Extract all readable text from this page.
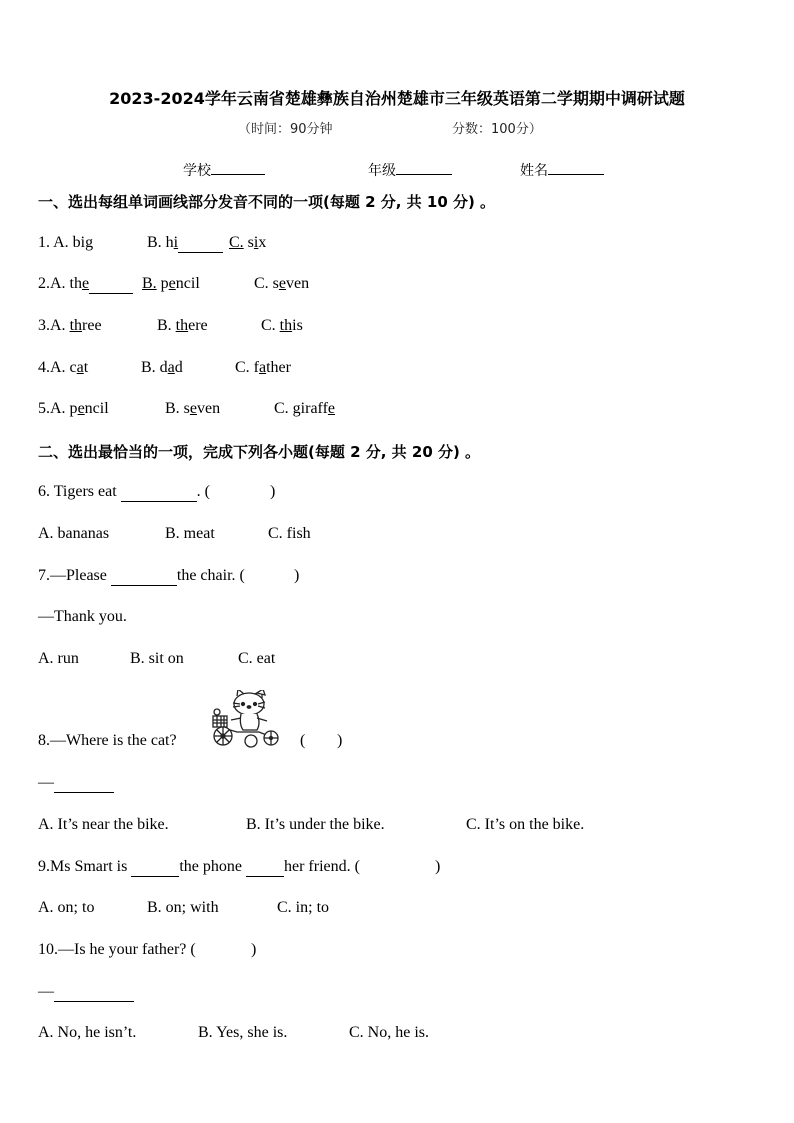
2023-2024学年云南省楚雄彝族自治州楚雄市三年级英语第二学期期中调研试题
（时间：90分钟	分数：100分）
学校	年级	姓名
一、选出每组单词画线部分发音不同的一项(每题 2 分, 共 10 分) 。
1. A. big	B. hi	C. six
2.A. the	B. pencil	C. seven
3.A. three	B. there	C. this
4.A. cat	B. dad	C. father
5.A. pencil	B. seven	C. giraffe
二、选出最恰当的一项，完成下列各小题(每题 2 分, 共 20 分) 。
6. Tigers eat	. (	)
A. bananas	B. meat	C. fish
7.—Please	the chair. (	)
—Thank you.
A. run	B. sit on	C. eat
8.—Where is the cat?	( )
—
A. It’s near the bike.	B. It’s under the bike.	C. It’s on the bike.
9.Ms Smart is	the phone	her friend. (	)
A. on; to	B. on; with	C. in; to
10.—Is he your father? (	)
—
A. No, he isn’t.	B. Yes, she is.	C. No, he is.
